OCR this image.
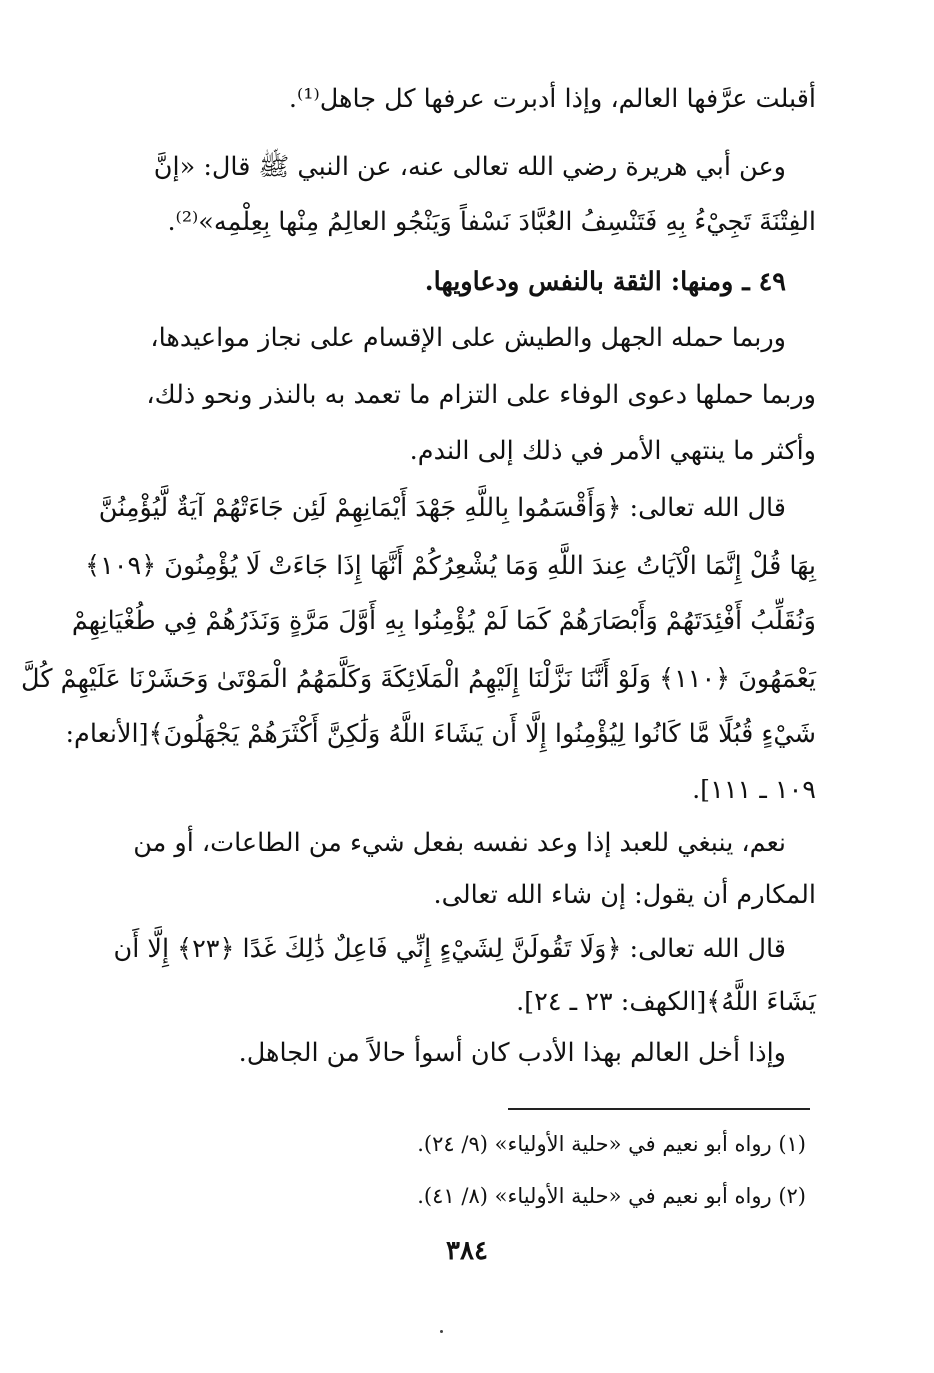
أقبلت عرَّفها العالم، وإذا أدبرت عرفها كل جاهل⁽¹⁾.
وعن أبي هريرة رضي الله تعالى عنه، عن النبي ﷺ قال: «إنَّ
الفِتْنَةَ تَجِيْءُ بِهِ فَتَنْسِفُ العُبَّادَ نَسْفاً وَيَنْجُو العالِمُ مِنْها بِعِلْمِه»⁽²⁾.
٤٩ ـ ومنها: الثقة بالنفس ودعاويها.
وربما حمله الجهل والطيش على الإقسام على نجاز مواعيدها،
وربما حملها دعوى الوفاء على التزام ما تعمد به بالنذر ونحو ذلك،
وأكثر ما ينتهي الأمر في ذلك إلى الندم.
قال الله تعالى: ﴿وَأَقْسَمُوا بِاللَّهِ جَهْدَ أَيْمَانِهِمْ لَئِن جَاءَتْهُمْ آيَةٌ لَّيُؤْمِنُنَّ
بِهَا قُلْ إِنَّمَا الْآيَاتُ عِندَ اللَّهِ وَمَا يُشْعِرُكُمْ أَنَّهَا إِذَا جَاءَتْ لَا يُؤْمِنُونَ ﴿١٠٩﴾
وَنُقَلِّبُ أَفْئِدَتَهُمْ وَأَبْصَارَهُمْ كَمَا لَمْ يُؤْمِنُوا بِهِ أَوَّلَ مَرَّةٍ وَنَذَرُهُمْ فِي طُغْيَانِهِمْ
يَعْمَهُونَ ﴿١١٠﴾ وَلَوْ أَنَّنَا نَزَّلْنَا إِلَيْهِمُ الْمَلَائِكَةَ وَكَلَّمَهُمُ الْمَوْتَىٰ وَحَشَرْنَا عَلَيْهِمْ كُلَّ
شَيْءٍ قُبُلًا مَّا كَانُوا لِيُؤْمِنُوا إِلَّا أَن يَشَاءَ اللَّهُ وَلَٰكِنَّ أَكْثَرَهُمْ يَجْهَلُونَ﴾[الأنعام:
١٠٩ ـ ١١١].
نعم، ينبغي للعبد إذا وعد نفسه بفعل شيء من الطاعات، أو من
المكارم أن يقول: إن شاء الله تعالى.
قال الله تعالى: ﴿وَلَا تَقُولَنَّ لِشَيْءٍ إِنِّي فَاعِلٌ ذَٰلِكَ غَدًا ﴿٢٣﴾ إِلَّا أَن
يَشَاءَ اللَّهُ﴾[الكهف: ٢٣ ـ ٢٤].
وإذا أخل العالم بهذا الأدب كان أسوأ حالاً من الجاهل.
(١) رواه أبو نعيم في «حلية الأولياء» (٩/ ٢٤).
(٢) رواه أبو نعيم في «حلية الأولياء» (٨/ ٤١).
٣٨٤
